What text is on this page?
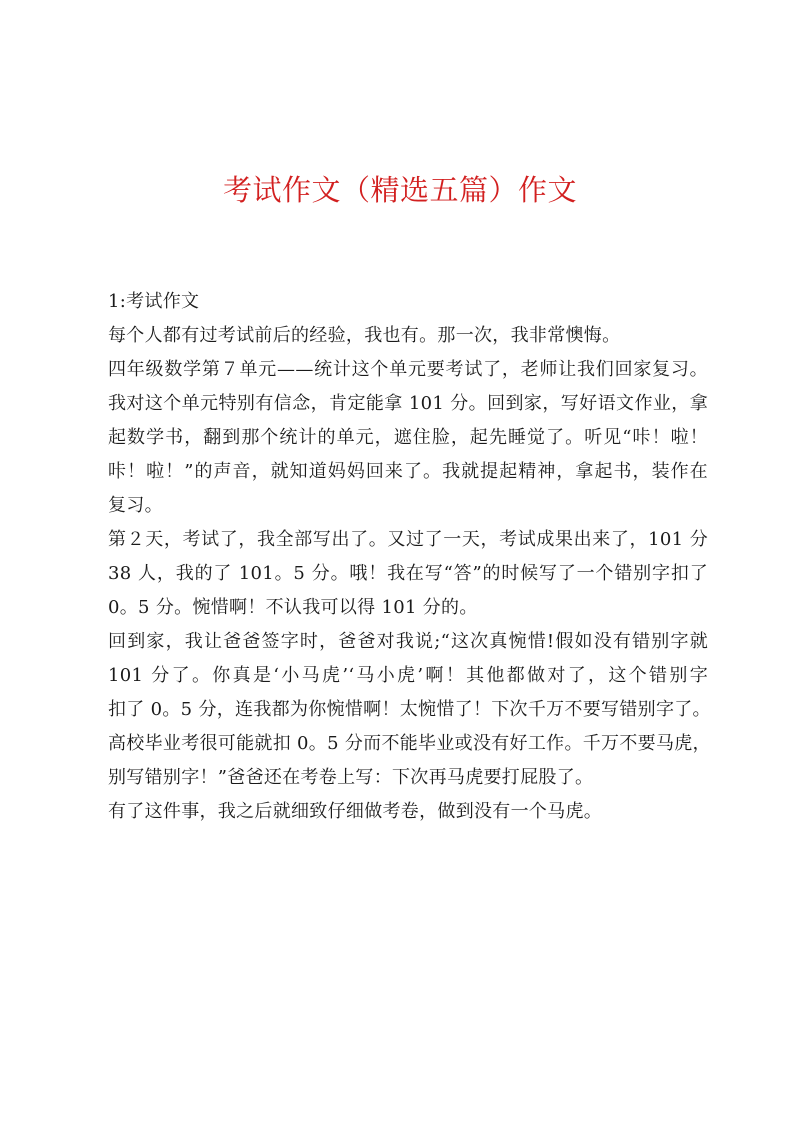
考试作文（精选五篇）作文

1:考试作文

每个人都有过考试前后的经验，我也有。那一次，我非常懊悔。

四年级数学第７单元——统计这个单元要考试了，老师让我们回家复习。

我对这个单元特别有信念，肯定能拿 101 分。回到家，写好语文作业，拿

起数学书，翻到那个统计的单元，遮住脸，起先睡觉了。听见“咔！啦！

咔！啦！”的声音，就知道妈妈回来了。我就提起精神，拿起书，装作在

复习。

第２天，考试了，我全部写出了。又过了一天，考试成果出来了，101 分

38 人，我的了 101。5 分。哦！我在写“答”的时候写了一个错别字扣了

0。5 分。惋惜啊！不认我可以得 101 分的。

回到家，我让爸爸签字时，爸爸对我说;“这次真惋惜!假如没有错别字就

101 分了。你真是‘小马虎’‘马小虎’啊！其他都做对了，这个错别字

扣了 0。5 分，连我都为你惋惜啊！太惋惜了！下次千万不要写错别字了。

高校毕业考很可能就扣 0。5 分而不能毕业或没有好工作。千万不要马虎，

别写错别字！”爸爸还在考卷上写：下次再马虎要打屁股了。

有了这件事，我之后就细致仔细做考卷，做到没有一个马虎。
